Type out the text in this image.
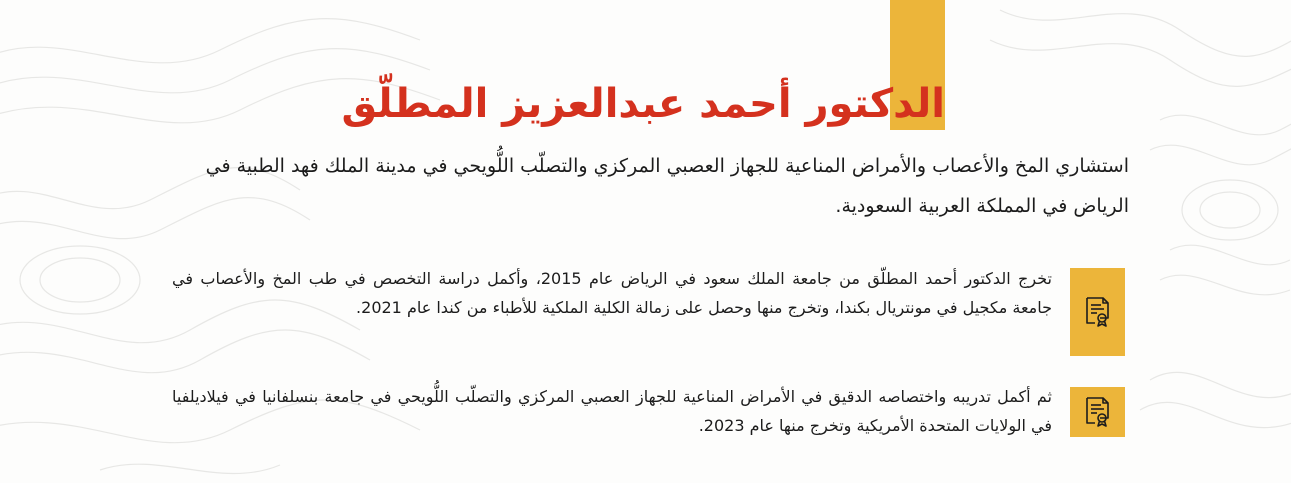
الدكتور أحمد عبدالعزيز المطلّق

استشاري المخ والأعصاب والأمراض المناعية للجهاز العصبي المركزي والتصلّب اللُّويحي في مدينة الملك فهد الطبية في الرياض في المملكة العربية السعودية.

تخرج الدكتور أحمد المطلّق من جامعة الملك سعود في الرياض عام 2015، وأكمل دراسة التخصص في طب المخ والأعصاب في جامعة مكجيل في مونتريال بكندا، وتخرج منها وحصل على زمالة الكلية الملكية للأطباء من كندا عام 2021.

ثم أكمل تدريبه واختصاصه الدقيق في الأمراض المناعية للجهاز العصبي المركزي والتصلّب اللُّويحي في جامعة بنسلفانيا في فيلاديلفيا في الولايات المتحدة الأمريكية وتخرج منها عام 2023.
